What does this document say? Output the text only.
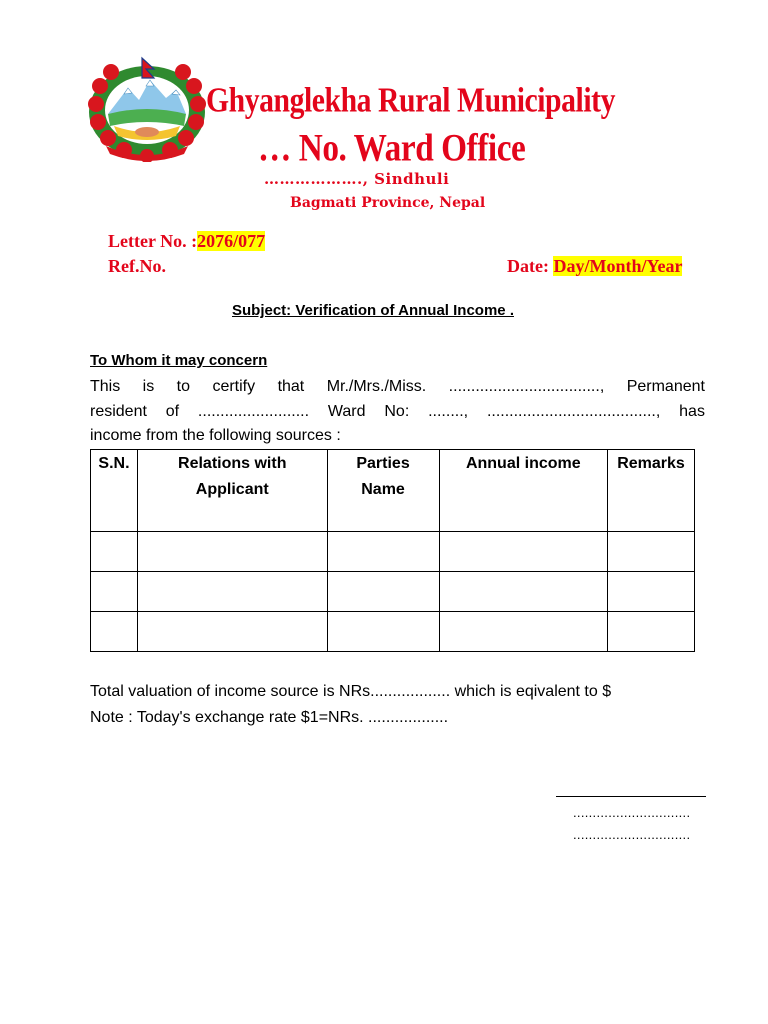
Ghyanglekha Rural Municipality
… No. Ward Office
………………., Sindhuli
Bagmati Province, Nepal
Letter No. :2076/077
Ref.No.	Date: Day/Month/Year
Subject: Verification of Annual Income .
To Whom it may concern
This is to certify that Mr./Mrs./Miss. .................................., Permanent
resident of ......................... Ward No: ........, ......................................, has
income from the following sources :
S.N.	Relations with Applicant	Parties Name	Annual income	Remarks

Total valuation of income source is NRs.................. which is eqivalent to $
Note : Today's exchange rate $1=NRs. ..................
..............................
..............................
